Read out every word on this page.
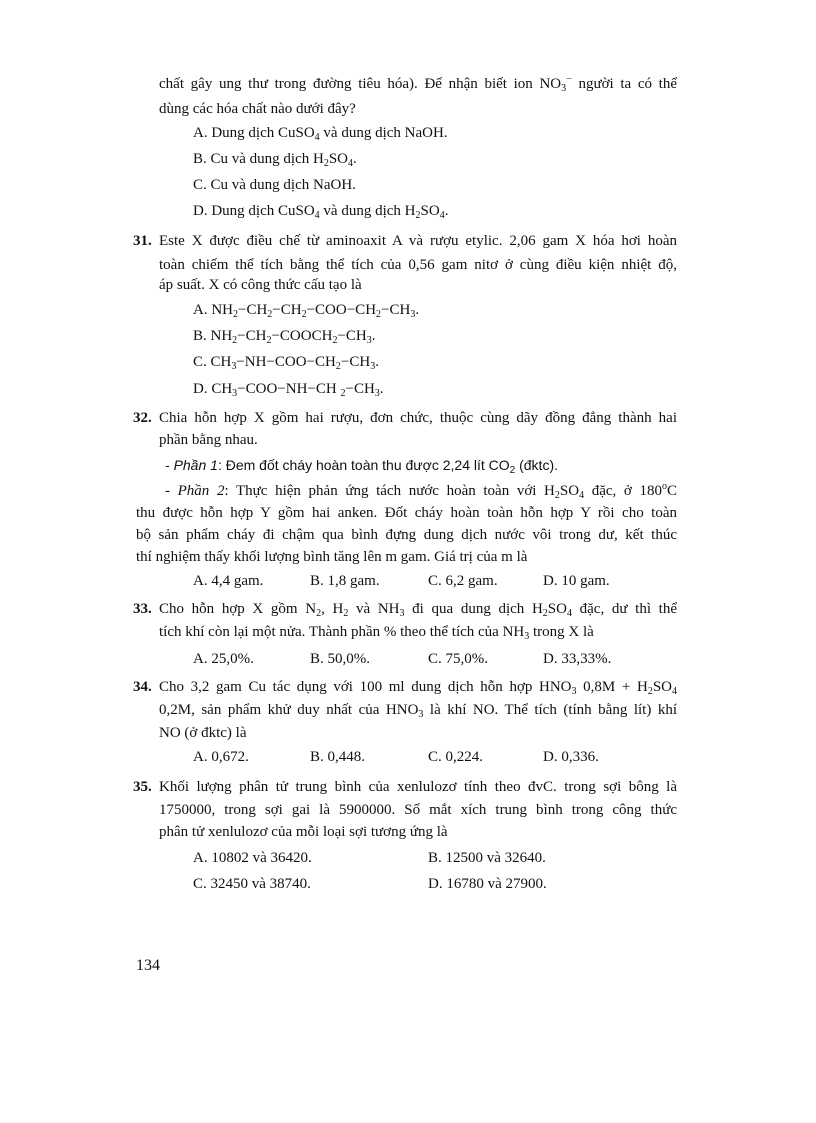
chất gây ung thư trong đường tiêu hóa). Để nhận biết ion $NO_3^-$ người ta có thể
dùng các hóa chất nào dưới đây?
A. Dung dịch CuSO$_4$ và dung dịch NaOH.
B. Cu và dung dịch $H_2SO_4$.
C. Cu và dung dịch NaOH.
D. Dung dịch CuSO$_4$ và dung dịch $H_2SO_4$.
31. Este X được điều chế từ aminoaxit A và rượu etylic. 2,06 gam X hóa hơi hoàn
toàn chiếm thể tích bằng thể tích của 0,56 gam nitơ ở cùng điều kiện nhiệt độ,
áp suất. X có công thức cấu tạo là
A. $NH_2-CH_2-CH_2-COO-CH_2-CH_3$.
B. $NH_2-CH_2-COOCH_2-CH_3$.
C. $CH_3-NH-COO-CH_2-CH_3$.
D. $CH_3-COO-NH-CH$ $_2-CH_3$.
32. Chia hỗn hợp X gồm hai rượu, đơn chức, thuộc cùng dãy đồng đẳng thành hai
phần bằng nhau.
- Phần 1: Đem đốt cháy hoàn toàn thu được 2,24 lít $CO_2$ (đktc).
- Phần 2: Thực hiện phản ứng tách nước hoàn toàn với $H_2SO_4$ đặc, ở 180$^o$C
thu được hỗn hợp Y gồm hai anken. Đốt cháy hoàn toàn hỗn hợp Y rồi cho toàn
bộ sản phẩm cháy đi chậm qua bình đựng dung dịch nước vôi trong dư, kết thúc
thí nghiệm thấy khối lượng bình tăng lên m gam. Giá trị của m là
A. 4,4 gam.	B. 1,8 gam.	C. 6,2 gam.	D. 10 gam.
33. Cho hỗn hợp X gồm $N_2$, $H_2$ và $NH_3$ đi qua dung dịch $H_2SO_4$ đặc, dư thì thể
tích khí còn lại một nửa. Thành phần % theo thể tích của $NH_3$ trong X là
A. 25,0%.	B. 50,0%.	C. 75,0%.	D. 33,33%.
34. Cho 3,2 gam Cu tác dụng với 100 ml dung dịch hỗn hợp $HNO_3$ $0,8M + H_2SO_4$
0,2M, sản phẩm khử duy nhất của $HNO_3$ là khí NO. Thể tích (tính bằng lít) khí
NO (ở đktc) là
A. 0,672.	B. 0,448.	C. 0,224.	D. 0,336.
35. Khối lượng phân tử trung bình của xenlulozơ tính theo đvC. trong sợi bông là
1750000, trong sợi gai là 5900000. Số mắt xích trung bình trong công thức
phân tử xenlulozơ của mỗi loại sợi tương ứng là
A. 10802 và 36420.	B. 12500 và 32640.
C. 32450 và 38740.	D. 16780 và 27900.
134
